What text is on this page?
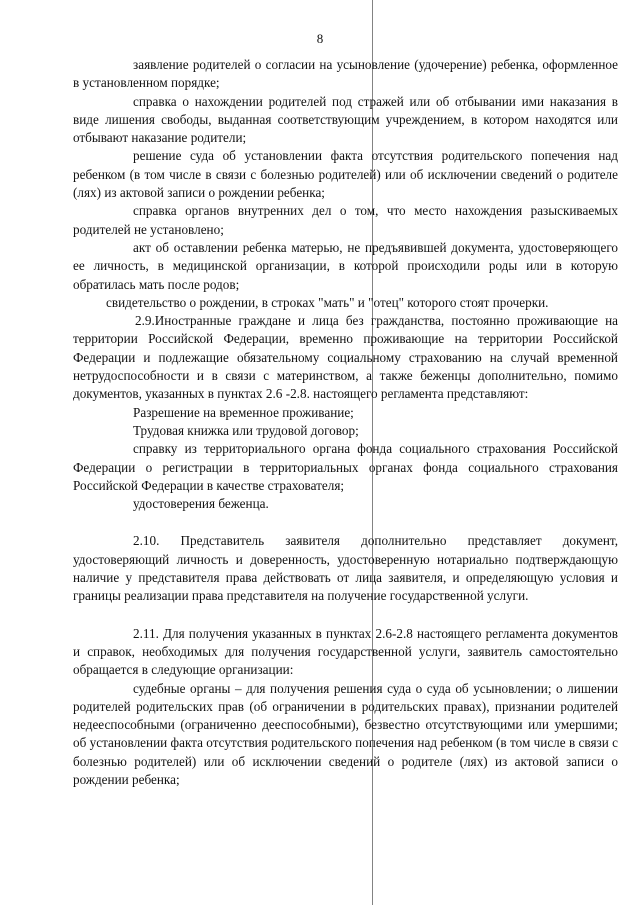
8

заявление родителей о согласии на усыновление (удочерение) ребенка, оформленное в установленном порядке;

справка о нахождении родителей под стражей или об отбывании ими наказания в виде лишения свободы, выданная соответствующим учреждением, в котором находятся или отбывают наказание родители;

решение суда об установлении факта отсутствия родительского попечения над ребенком (в том числе в связи с болезнью родителей) или об исключении сведений о родителе (лях) из актовой записи о рождении ребенка;

справка органов внутренних дел о том, что место нахождения разыскиваемых родителей не установлено;

акт об оставлении ребенка матерью, не предъявившей документа, удостоверяющего ее личность, в медицинской организации, в которой происходили роды или в которую обратилась мать после родов;

свидетельство о рождении, в строках "мать" и "отец" которого стоят прочерки.

2.9.Иностранные граждане и лица без гражданства, постоянно проживающие на территории Российской Федерации, временно проживающие на территории Российской Федерации и подлежащие обязательному социальному страхованию на случай временной нетрудоспособности и в связи с материнством, а также беженцы дополнительно, помимо документов, указанных в пунктах 2.6 -2.8. настоящего регламента представляют:

Разрешение на временное проживание;

Трудовая книжка или трудовой договор;

справку из территориального органа фонда социального страхования Российской Федерации о регистрации в территориальных органах фонда социального страхования Российской Федерации в качестве страхователя;

удостоверения беженца.

2.10. Представитель заявителя дополнительно представляет документ, удостоверяющий личность и доверенность, удостоверенную нотариально подтверждающую наличие у представителя права действовать от лица заявителя, и определяющую условия и границы реализации права представителя на получение государственной услуги.

2.11. Для получения указанных в пунктах 2.6-2.8 настоящего регламента документов и справок, необходимых для получения государственной услуги, заявитель самостоятельно обращается в следующие организации:

судебные органы – для получения решения суда о суда об усыновлении; о лишении родителей родительских прав (об ограничении в родительских правах), признании родителей недееспособными (ограниченно дееспособными), безвестно отсутствующими или умершими; об установлении факта отсутствия родительского попечения над ребенком (в том числе в связи с болезнью родителей) или об исключении сведений о родителе (лях) из актовой записи о рождении ребенка;
